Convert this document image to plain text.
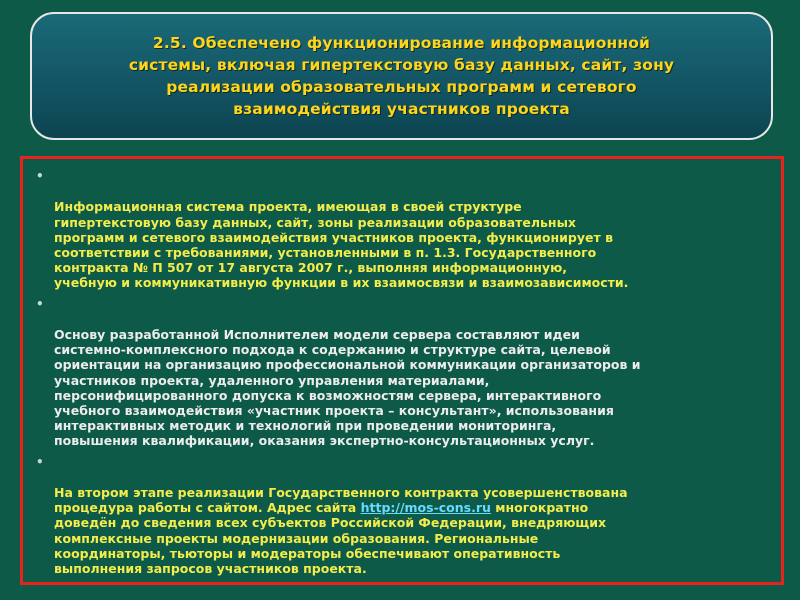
2.5. Обеспечено функционирование информационной
системы, включая гипертекстовую базу данных, сайт, зону
реализации образовательных программ и сетевого
взаимодействия участников проекта

•

Информационная система проекта, имеющая в своей структуре
гипертекстовую базу данных, сайт, зоны реализации образовательных
программ и сетевого взаимодействия участников проекта, функционирует в
соответствии с требованиями, установленными в п. 1.3. Государственного
контракта № П 507 от 17 августа 2007 г., выполняя информационную,
учебную и коммуникативную функции в их взаимосвязи и взаимозависимости.

•

Основу разработанной Исполнителем модели сервера составляют идеи
системно-комплексного подхода к содержанию и структуре сайта, целевой
ориентации на организацию профессиональной коммуникации организаторов и
участников проекта, удаленного управления материалами,
персонифицированного допуска к возможностям сервера, интерактивного
учебного взаимодействия «участник проекта – консультант», использования
интерактивных методик и технологий при проведении мониторинга,
повышения квалификации, оказания экспертно-консультационных услуг.

•

На втором этапе реализации Государственного контракта усовершенствована
процедура работы с сайтом. Адрес сайта http://mos-cons.ru многократно
доведён до сведения всех субъектов Российской Федерации, внедряющих
комплексные проекты модернизации образования. Региональные
координаторы, тьюторы и модераторы обеспечивают оперативность
выполнения запросов участников проекта.
